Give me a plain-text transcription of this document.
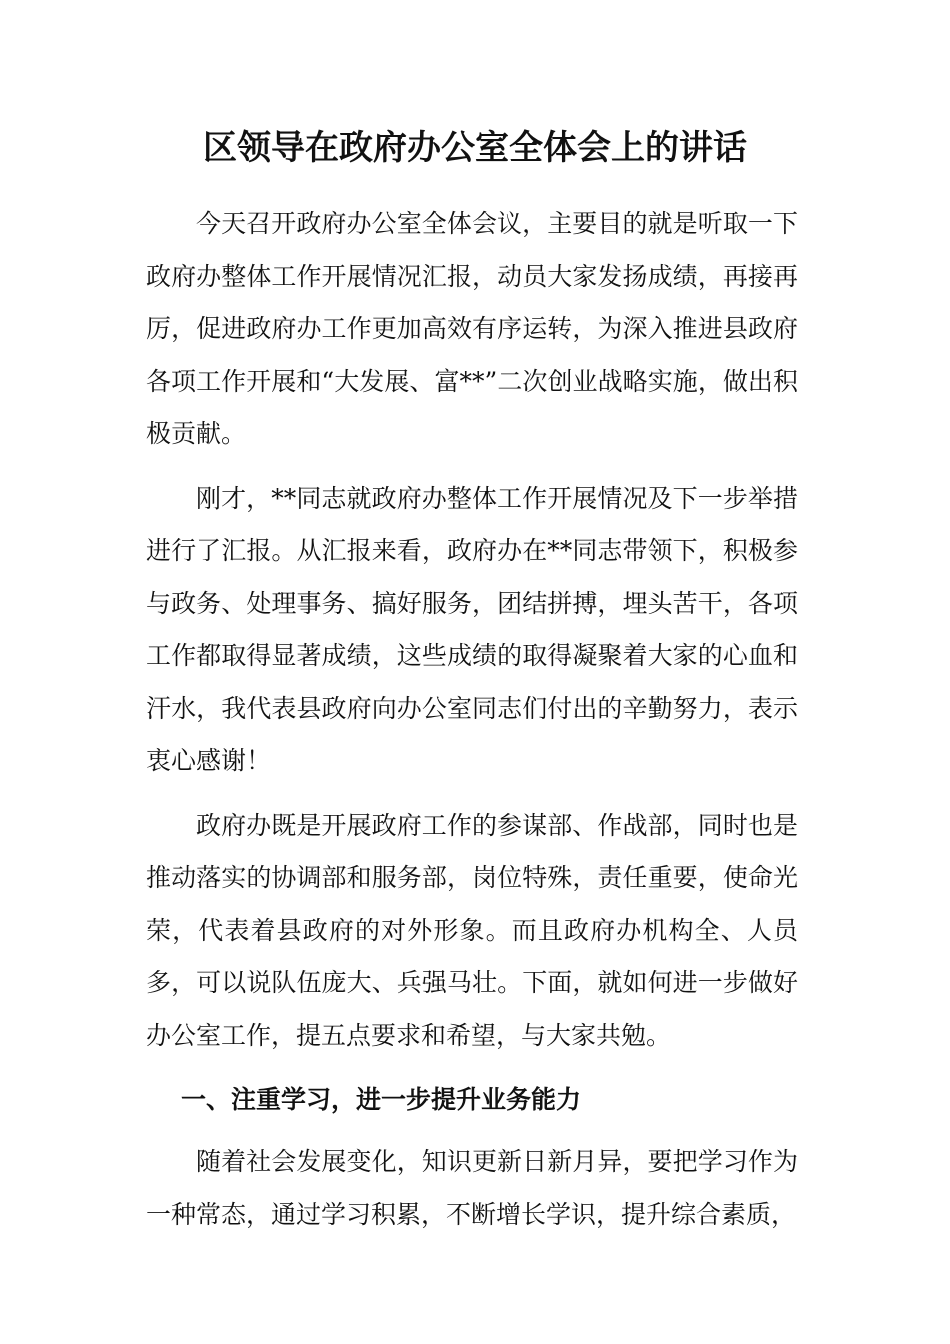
区领导在政府办公室全体会上的讲话

今天召开政府办公室全体会议，主要目的就是听取一下政府办整体工作开展情况汇报，动员大家发扬成绩，再接再厉，促进政府办工作更加高效有序运转，为深入推进县政府各项工作开展和“大发展、富**”二次创业战略实施，做出积极贡献。

刚才，**同志就政府办整体工作开展情况及下一步举措进行了汇报。从汇报来看，政府办在**同志带领下，积极参与政务、处理事务、搞好服务，团结拼搏，埋头苦干，各项工作都取得显著成绩，这些成绩的取得凝聚着大家的心血和汗水，我代表县政府向办公室同志们付出的辛勤努力，表示衷心感谢！

政府办既是开展政府工作的参谋部、作战部，同时也是推动落实的协调部和服务部，岗位特殊，责任重要，使命光荣，代表着县政府的对外形象。而且政府办机构全、人员多，可以说队伍庞大、兵强马壮。下面，就如何进一步做好办公室工作，提五点要求和希望，与大家共勉。

一、注重学习，进一步提升业务能力

随着社会发展变化，知识更新日新月异，要把学习作为一种常态，通过学习积累，不断增长学识，提升综合素质，
